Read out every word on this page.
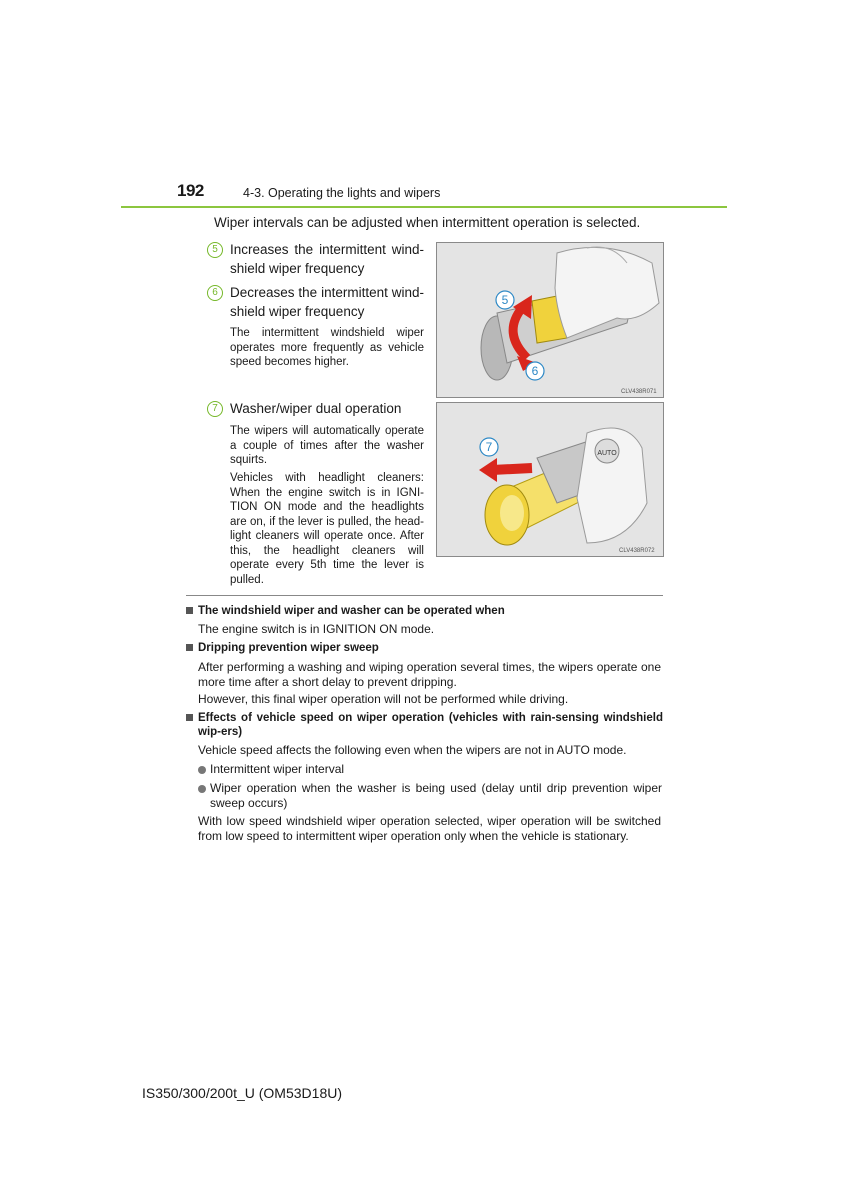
192	4-3. Operating the lights and wipers
Wiper intervals can be adjusted when intermittent operation is selected.
5 Increases the intermittent wind-shield wiper frequency
6 Decreases the intermittent wind-shield wiper frequency
The intermittent windshield wiper operates more frequently as vehicle speed becomes higher.
5
6
CLV438R071
7 Washer/wiper dual operation
The wipers will automatically operate a couple of times after the washer squirts.
Vehicles with headlight cleaners: When the engine switch is in IGNI-TION ON mode and the headlights are on, if the lever is pulled, the head-light cleaners will operate once. After this, the headlight cleaners will operate every 5th time the lever is pulled.
AUTO
7
CLV438R072
The windshield wiper and washer can be operated when
The engine switch is in IGNITION ON mode.
Dripping prevention wiper sweep
After performing a washing and wiping operation several times, the wipers operate one more time after a short delay to prevent dripping.
However, this final wiper operation will not be performed while driving.
Effects of vehicle speed on wiper operation (vehicles with rain-sensing windshield wip-ers)
Vehicle speed affects the following even when the wipers are not in AUTO mode.
Intermittent wiper interval
Wiper operation when the washer is being used (delay until drip prevention wiper sweep occurs)
With low speed windshield wiper operation selected, wiper operation will be switched from low speed to intermittent wiper operation only when the vehicle is stationary.
IS350/300/200t_U (OM53D18U)
